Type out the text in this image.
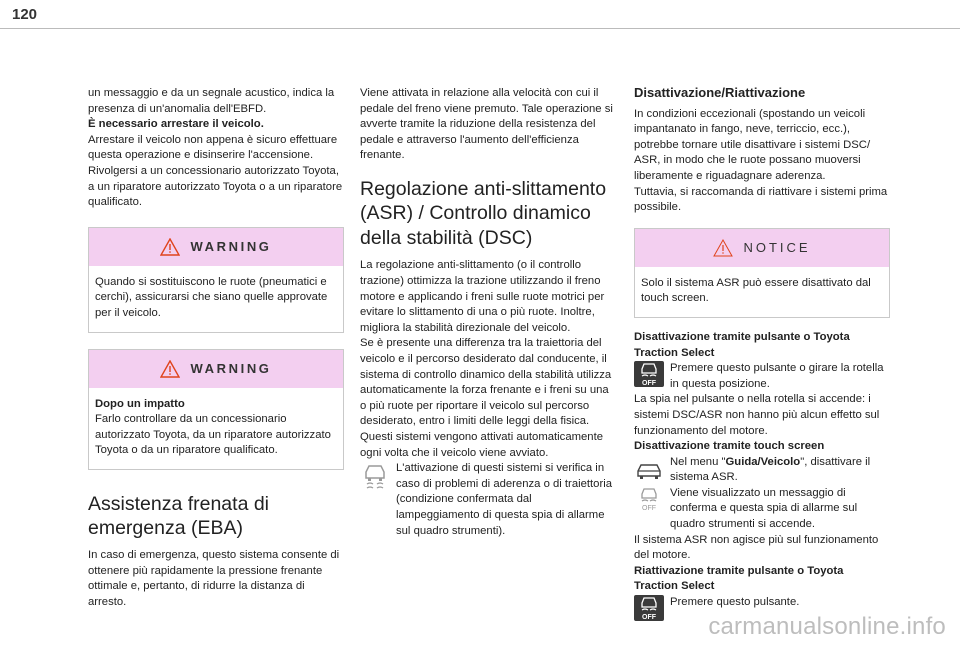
120

un messaggio e da un segnale acustico, indica la presenza di un'anomalia dell'EBFD.

È necessario arrestare il veicolo.

Arrestare il veicolo non appena è sicuro effettuare questa operazione e disinserire l'accensione.

Rivolgersi a un concessionario autorizzato Toyota, a un riparatore autorizzato Toyota o a un riparatore qualificato.

WARNING
Quando si sostituiscono le ruote (pneumatici e cerchi), assicurarsi che siano quelle approvate per il veicolo.
WARNING

Dopo un impatto

Farlo controllare da un concessionario autorizzato Toyota, da un riparatore autorizzato Toyota o da un riparatore qualificato.

Assistenza frenata di emergenza (EBA)

In caso di emergenza, questo sistema consente di ottenere più rapidamente la pressione frenante ottimale e, pertanto, di ridurre la distanza di arresto.

Viene attivata in relazione alla velocità con cui il pedale del freno viene premuto. Tale operazione si avverte tramite la riduzione della resistenza del pedale e attraverso l'aumento dell'efficienza frenante.

Regolazione anti-slittamento (ASR) / Controllo dinamico della stabilità (DSC)

La regolazione anti-slittamento (o il controllo trazione) ottimizza la trazione utilizzando il freno motore e applicando i freni sulle ruote motrici per evitare lo slittamento di una o più ruote. Inoltre, migliora la stabilità direzionale del veicolo.

Se è presente una differenza tra la traiettoria del veicolo e il percorso desiderato dal conducente, il sistema di controllo dinamico della stabilità utilizza automaticamente la forza frenante e i freni su una o più ruote per riportare il veicolo sul percorso desiderato, entro i limiti delle leggi della fisica.

Questi sistemi vengono attivati automaticamente ogni volta che il veicolo viene avviato.

L'attivazione di questi sistemi si verifica in caso di problemi di aderenza o di traiettoria (condizione confermata dal lampeggiamento di questa spia di allarme sul quadro strumenti).

Disattivazione/Riattivazione

In condizioni eccezionali (spostando un veicoli impantanato in fango, neve, terriccio, ecc.), potrebbe tornare utile disattivare i sistemi DSC/ ASR, in modo che le ruote possano muoversi liberamente e riguadagnare aderenza.

Tuttavia, si raccomanda di riattivare i sistemi prima possibile.

NOTICE
Solo il sistema ASR può essere disattivato dal touch screen.

Disattivazione tramite pulsante o Toyota Traction Select

OFF

Premere questo pulsante o girare la rotella in questa posizione.

La spia nel pulsante o nella rotella si accende: i sistemi DSC/ASR non hanno più alcun effetto sul funzionamento del motore.

Disattivazione tramite touch screen

Nel menu "Guida/Veicolo", disattivare il sistema ASR.

OFF

Viene visualizzato un messaggio di conferma e questa spia di allarme sul quadro strumenti si accende.

Il sistema ASR non agisce più sul funzionamento del motore.

Riattivazione tramite pulsante o Toyota Traction Select

OFF

Premere questo pulsante.

carmanualsonline.info
